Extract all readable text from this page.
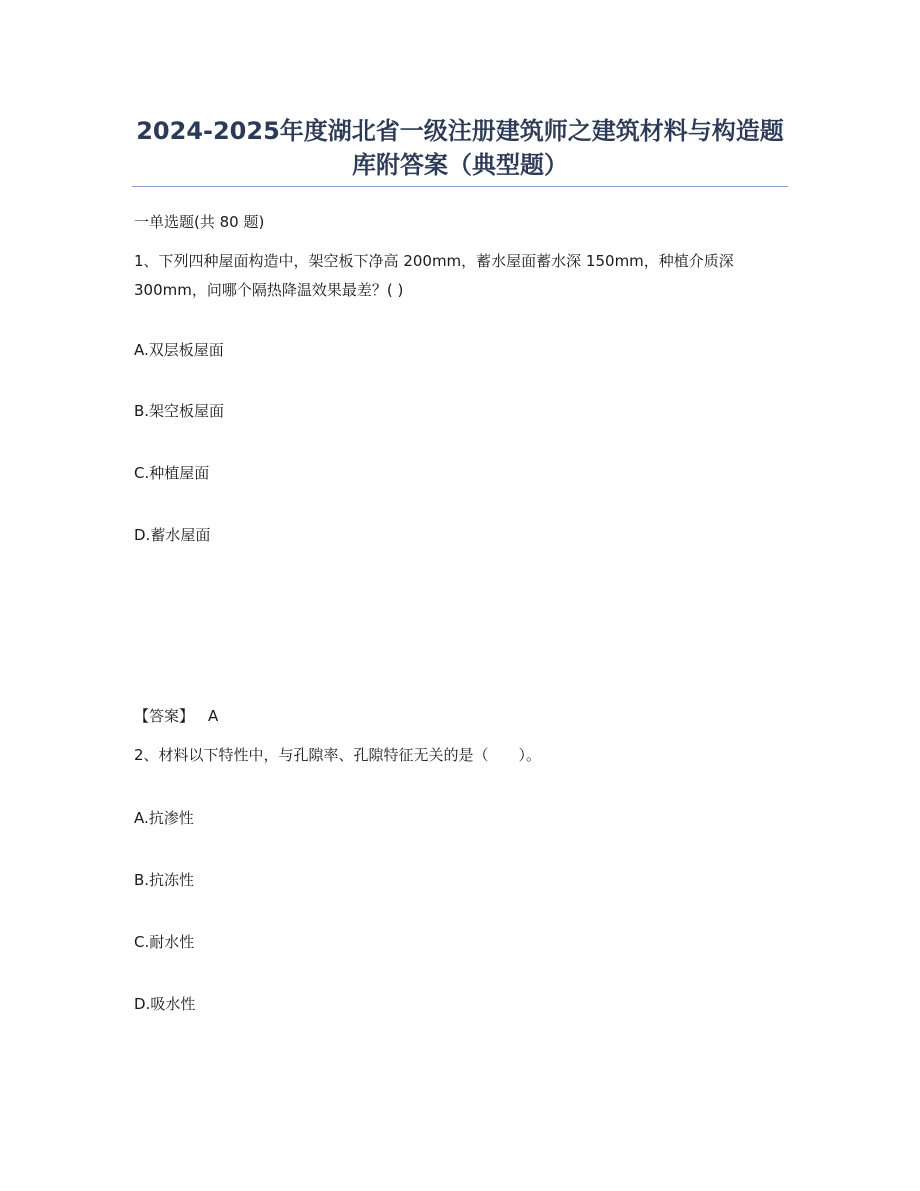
2024-2025年度湖北省一级注册建筑师之建筑材料与构造题库附答案（典型题）
一单选题(共 80 题)
1、下列四种屋面构造中，架空板下净高 200mm，蓄水屋面蓄水深 150mm，种植介质深 300mm，问哪个隔热降温效果最差？( )
A.双层板屋面
B.架空板屋面
C.种植屋面
D.蓄水屋面
【答案】 A
2、材料以下特性中，与孔隙率、孔隙特征无关的是（　　）。
A.抗渗性
B.抗冻性
C.耐水性
D.吸水性
